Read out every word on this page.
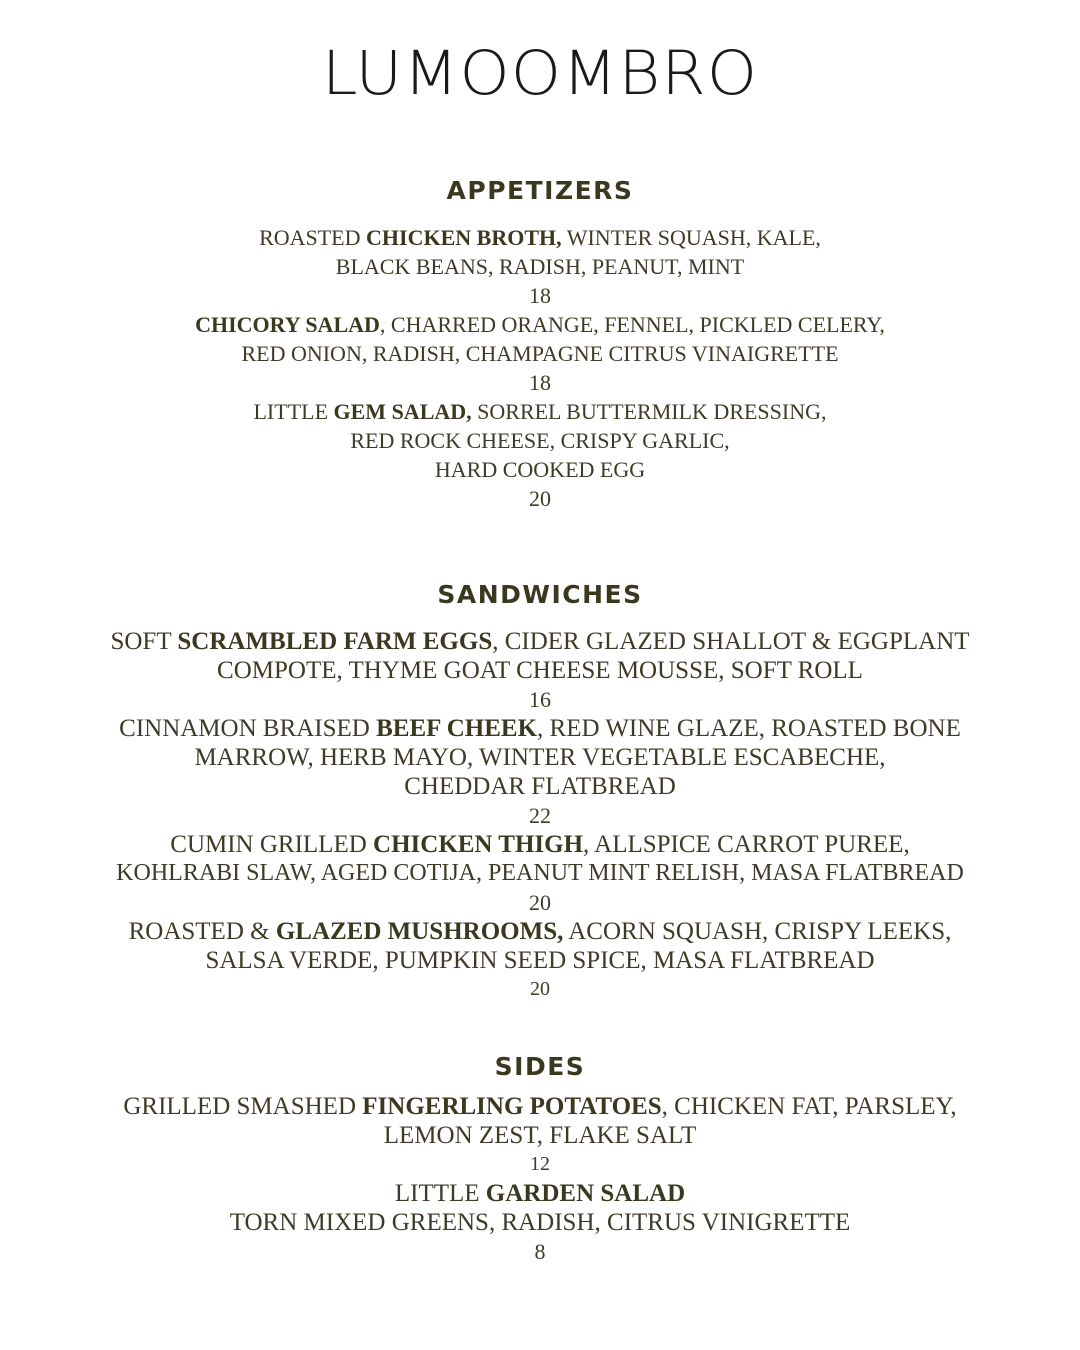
LUMOOMBRO
APPETIZERS
ROASTED CHICKEN BROTH, WINTER SQUASH, KALE,
BLACK BEANS, RADISH, PEANUT, MINT
18
CHICORY SALAD, CHARRED ORANGE, FENNEL, PICKLED CELERY,
RED ONION, RADISH, CHAMPAGNE CITRUS VINAIGRETTE
18
LITTLE GEM SALAD, SORREL BUTTERMILK DRESSING,
RED ROCK CHEESE, CRISPY GARLIC,
HARD COOKED EGG
20
SANDWICHES
SOFT SCRAMBLED FARM EGGS, CIDER GLAZED SHALLOT & EGGPLANT
COMPOTE, THYME GOAT CHEESE MOUSSE, SOFT ROLL
16
CINNAMON BRAISED BEEF CHEEK, RED WINE GLAZE, ROASTED BONE
MARROW, HERB MAYO, WINTER VEGETABLE ESCABECHE,
CHEDDAR FLATBREAD
22
CUMIN GRILLED CHICKEN THIGH, ALLSPICE CARROT PUREE,
KOHLRABI SLAW, AGED COTIJA, PEANUT MINT RELISH, MASA FLATBREAD
20
ROASTED & GLAZED MUSHROOMS, ACORN SQUASH, CRISPY LEEKS,
SALSA VERDE, PUMPKIN SEED SPICE, MASA FLATBREAD
20
SIDES
GRILLED SMASHED FINGERLING POTATOES, CHICKEN FAT, PARSLEY,
LEMON ZEST, FLAKE SALT
12
LITTLE GARDEN SALAD
TORN MIXED GREENS, RADISH, CITRUS VINIGRETTE
8
